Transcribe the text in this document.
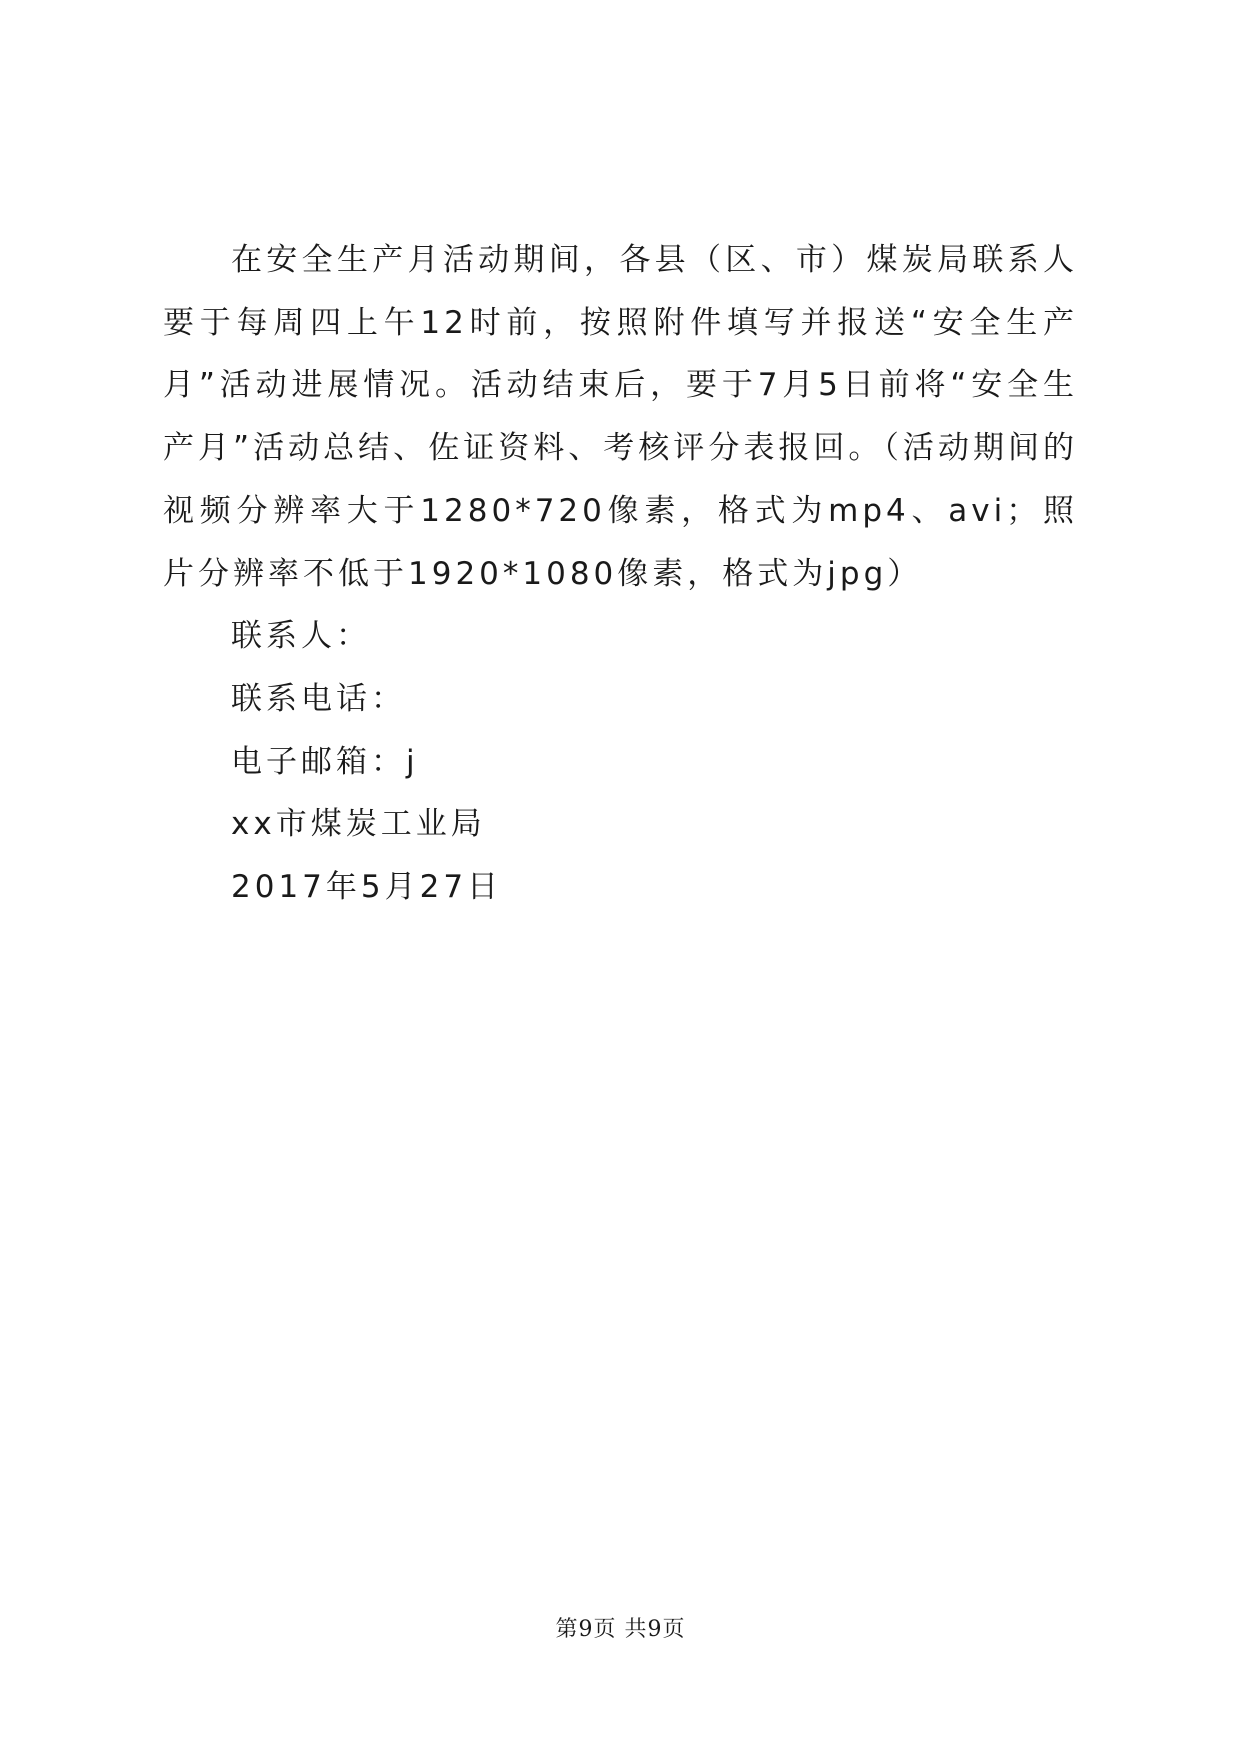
在安全生产月活动期间，各县（区、市）煤炭局联系人要于每周四上午12时前，按照附件填写并报送“安全生产月”活动进展情况。活动结束后，要于7月5日前将“安全生产月”活动总结、佐证资料、考核评分表报回。（活动期间的视频分辨率大于1280*720像素，格式为mp4、avi；照片分辨率不低于1920*1080像素，格式为jpg）

联系人：

联系电话：

电子邮箱：j

xx市煤炭工业局

2017年5月27日

第9页 共9页
